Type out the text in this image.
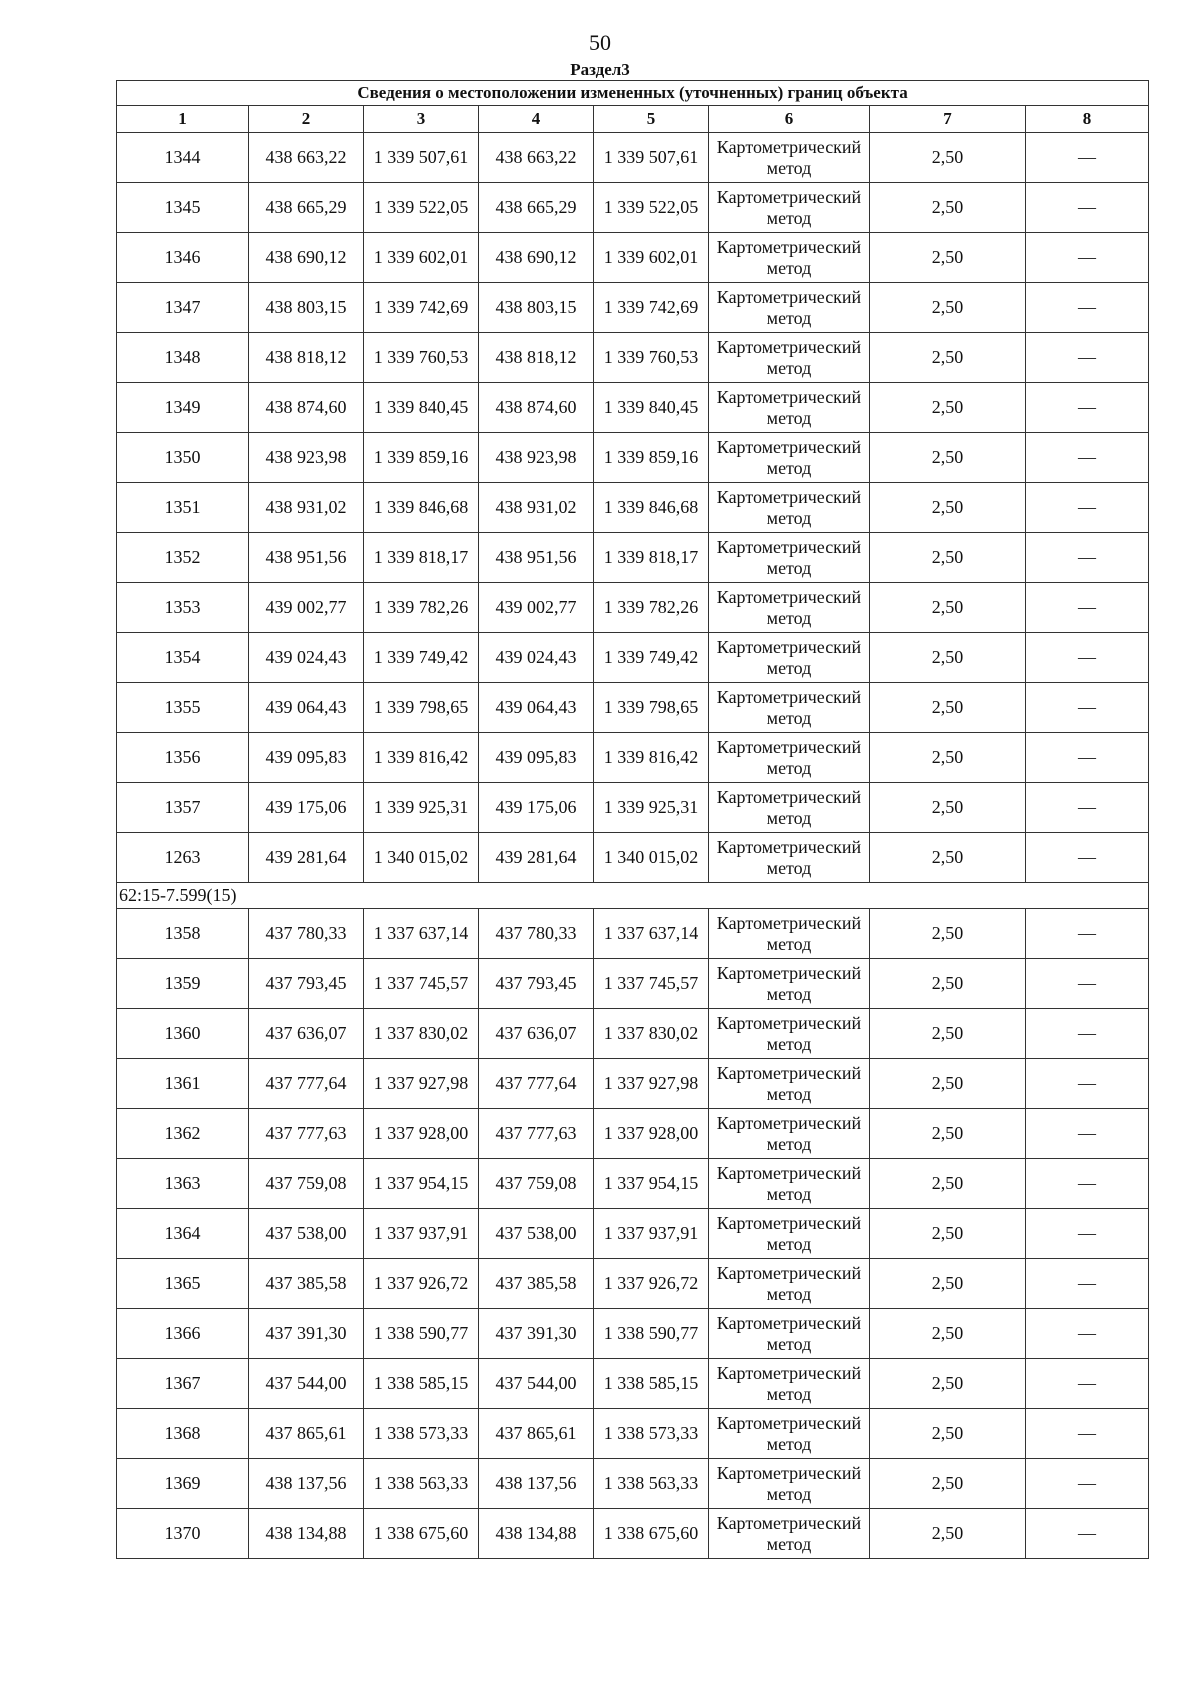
50
Раздел3
Сведения о местоположении измененных (уточненных) границ объекта							
1	2	3	4	5	6	7	8
1344	438 663,22	1 339 507,61	438 663,22	1 339 507,61	Картометрический метод	2,50	—
1345	438 665,29	1 339 522,05	438 665,29	1 339 522,05	Картометрический метод	2,50	—
1346	438 690,12	1 339 602,01	438 690,12	1 339 602,01	Картометрический метод	2,50	—
1347	438 803,15	1 339 742,69	438 803,15	1 339 742,69	Картометрический метод	2,50	—
1348	438 818,12	1 339 760,53	438 818,12	1 339 760,53	Картометрический метод	2,50	—
1349	438 874,60	1 339 840,45	438 874,60	1 339 840,45	Картометрический метод	2,50	—
1350	438 923,98	1 339 859,16	438 923,98	1 339 859,16	Картометрический метод	2,50	—
1351	438 931,02	1 339 846,68	438 931,02	1 339 846,68	Картометрический метод	2,50	—
1352	438 951,56	1 339 818,17	438 951,56	1 339 818,17	Картометрический метод	2,50	—
1353	439 002,77	1 339 782,26	439 002,77	1 339 782,26	Картометрический метод	2,50	—
1354	439 024,43	1 339 749,42	439 024,43	1 339 749,42	Картометрический метод	2,50	—
1355	439 064,43	1 339 798,65	439 064,43	1 339 798,65	Картометрический метод	2,50	—
1356	439 095,83	1 339 816,42	439 095,83	1 339 816,42	Картометрический метод	2,50	—
1357	439 175,06	1 339 925,31	439 175,06	1 339 925,31	Картометрический метод	2,50	—
1263	439 281,64	1 340 015,02	439 281,64	1 340 015,02	Картометрический метод	2,50	—
62:15-7.599(15)							
1358	437 780,33	1 337 637,14	437 780,33	1 337 637,14	Картометрический метод	2,50	—
1359	437 793,45	1 337 745,57	437 793,45	1 337 745,57	Картометрический метод	2,50	—
1360	437 636,07	1 337 830,02	437 636,07	1 337 830,02	Картометрический метод	2,50	—
1361	437 777,64	1 337 927,98	437 777,64	1 337 927,98	Картометрический метод	2,50	—
1362	437 777,63	1 337 928,00	437 777,63	1 337 928,00	Картометрический метод	2,50	—
1363	437 759,08	1 337 954,15	437 759,08	1 337 954,15	Картометрический метод	2,50	—
1364	437 538,00	1 337 937,91	437 538,00	1 337 937,91	Картометрический метод	2,50	—
1365	437 385,58	1 337 926,72	437 385,58	1 337 926,72	Картометрический метод	2,50	—
1366	437 391,30	1 338 590,77	437 391,30	1 338 590,77	Картометрический метод	2,50	—
1367	437 544,00	1 338 585,15	437 544,00	1 338 585,15	Картометрический метод	2,50	—
1368	437 865,61	1 338 573,33	437 865,61	1 338 573,33	Картометрический метод	2,50	—
1369	438 137,56	1 338 563,33	438 137,56	1 338 563,33	Картометрический метод	2,50	—
1370	438 134,88	1 338 675,60	438 134,88	1 338 675,60	Картометрический метод	2,50	—
